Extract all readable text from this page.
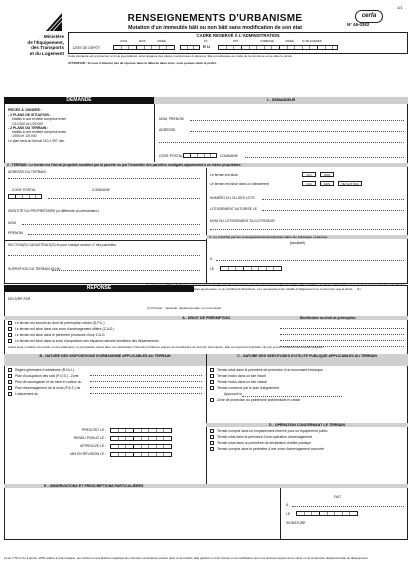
1/1
cerfa
N° 46-0392
RENSEIGNEMENTS D'URBANISME
Mutation d'un immeuble bâti ou non bâti sans modification de son état
Ministère
de l'Équipement,
des Transports
et du Logement
CADRE RESERVÉ À L'ADMINISTRATION
JOUR	MOIS	ANNÉE	PC	DPT	COMMUNE	ANNÉE	N° DE DOSSIER
DATE DE DÉPÔT	R U
Cette demande est à présenter en trois exemplaires, accompagnée des pièces mentionnées ci-dessous. Elle est adressée au maire de la commune où se situe le terrain.
ATTENTION : Si vous n'obtenez pas de réponse dans le délai de deux mois, vous pouvez saisir le préfet.
DEMANDE	1 - DEMANDEUR
PIÈCES À JOINDRE :
- 2 PLANS DE SITUATION :
établis à une échelle comprise entre
1/10 000 et 1/25 000
- 2 PLANS DU TERRAIN :
établis à une échelle comprise entre
1/500 et 1/5 000
Le plan sera au format 210 x 297 mm
NOM, PRÉNOM
ADRESSE
CODE POSTAL	COMMUNE
2 - TERRAIN : Le terrain est l'îlot de propriété constitué par la parcelle ou par l'ensemble des parcelles contiguës appartenant à un même propriétaire.
ADRESSE DU TERRAIN
CODE POSTAL	COMMUNE
IDENTITÉ DU PROPRIÉTAIRE (si différente du demandeur)
NOM
PRÉNOM
SECTION(S) CADASTRALE(S) et pour chaque section n° des parcelles
SUPERFICIE DU TERRAIN EN M²
Le terrain est situé	OUI	NON
Le terrain est situé dans un lotissement	OUI	NON	NE SAIT PAS
NUMÉRO DU OU DES LOTS
LOTISSEMENT AUTORISÉ LE
NOM OU LOTISSEMENT DU LOTISSEUR
3 - Le contrôle par les renseignements mentionnés dans les rubriques ci-dessus
(facultatif)
À
LE
RÉPONSE
DÉLIVRÉ PAR
Le présent certificat d'urbanisme fait état des renseignements connus à ce jour sur l'avenir immédiat du terrain. Elle constitue un simple information et ne peut en aucun cas être considérée comme une autorisation administrative quelconque, ni un certificat d'urbanisme. Les renseignements relatifs à l'alignement ne concernent que la limite ... (1)
(1) Préciser : nationale, départementale, ou communale
A - DROIT DE PRÉEMPTION	Bénéficiaire du droit de préemption
Le terrain est soumis au droit de préemption urbain (D.P.U.)
Le terrain est situé dans une zone d'aménagement différé (Z.A.D.)
Le terrain est situé dans le périmètre provisoire d'une Z.A.D.
Le terrain est situé dans la zone d'acquisition des espaces naturels sensibles des départements
Avant toute mutation du terrain ou des bâtiments, le propriétaire devra faire une déclaration d'intention d'aliéner auprès du bénéficiaire du droit de préemption. Elle comportera l'indication du prix et les conditions de la vente projetée.
B - NATURE DES DISPOSITIONS D'URBANISME APPLICABLES AU TERRAIN	C - NATURE DES SERVITUDES D'UTILITÉ PUBLIQUE APPLICABLES AU TERRAIN
Règles générales d'urbanisme (R.N.U.)
Plan d'occupation des sols (P.O.S.) - Zone
Plan de sauvegarde et de mise en valeur du
Plan d'aménagement de la zone (P.A.Z.) de
Lotissement du
PRESCRIT LE :
RENDU PUBLIC LE :
APPROUVÉ LE :
MIS EN RÉVISION LE :
Terrain situé dans le périmètre de protection d'un monument historique
Terrain inclus dans un site inscrit
Terrain inclus dans un site classé
Terrain concerné par le plan d'alignement
Approuvé le
Zone de protection du patrimoine architectural et urbain
D - OPÉRATION CONCERNANT LE TERRAIN
Terrain compris dans un emplacement réservé pour un équipement public
Terrain situé dans le périmètre d'une opération d'aménagement
Terrain situé dans un périmètre de déclaration d'utilité publique
Terrain compris dans le périmètre d'une zone d'aménagement concerté
E - OBSERVATIONS ET PRESCRIPTIONS PARTICULIÈRES
FAIT
À
LE
SIGNATURE
La loi n°78-17 du 6 janvier 1978 relative à l'informatique, aux fichiers et aux libertés s'applique aux données nominatives portées dans ce formulaire. Elle garantit un droit d'accès et de rectification pour ces données auprès de la mairie ou de la direction départementale de l'Équipement.
